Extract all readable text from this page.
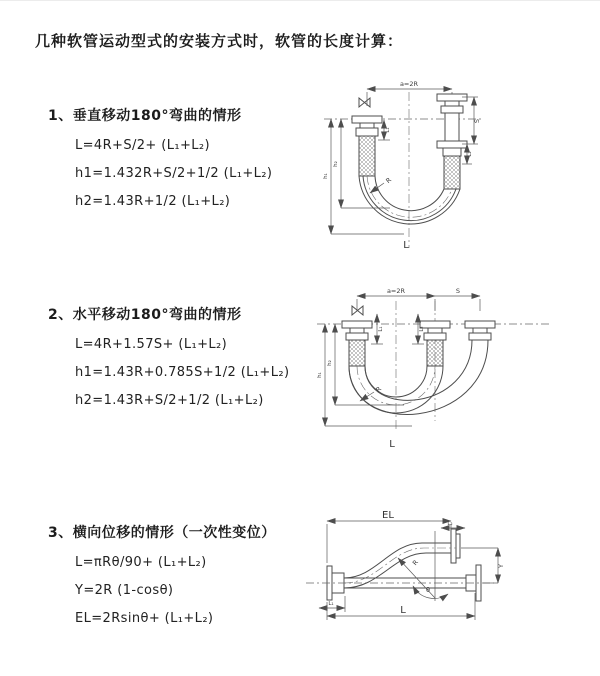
几种软管运动型式的安装方式时，软管的长度计算：
1、垂直移动180°弯曲的情形
L=4R+S/2+ (L₁+L₂)
h1=1.432R+S/2+1/2 (L₁+L₂)
h2=1.43R+1/2 (L₁+L₂)
2、水平移动180°弯曲的情形
L=4R+1.57S+ (L₁+L₂)
h1=1.43R+0.785S+1/2 (L₁+L₂)
h2=1.43R+S/2+1/2 (L₁+L₂)
3、横向位移的情形（一次性变位）
L=πRθ/90+ (L₁+L₂)
Y=2R (1-cosθ)
EL=2Rsinθ+ (L₁+L₂)
a=2R
S
L₂
h₁
h₂
L₁
R
L
a=2R	S
h₁
h₂
L₁	L₂
R
L
EL
L₂
θ
R	Y
L₁
L
